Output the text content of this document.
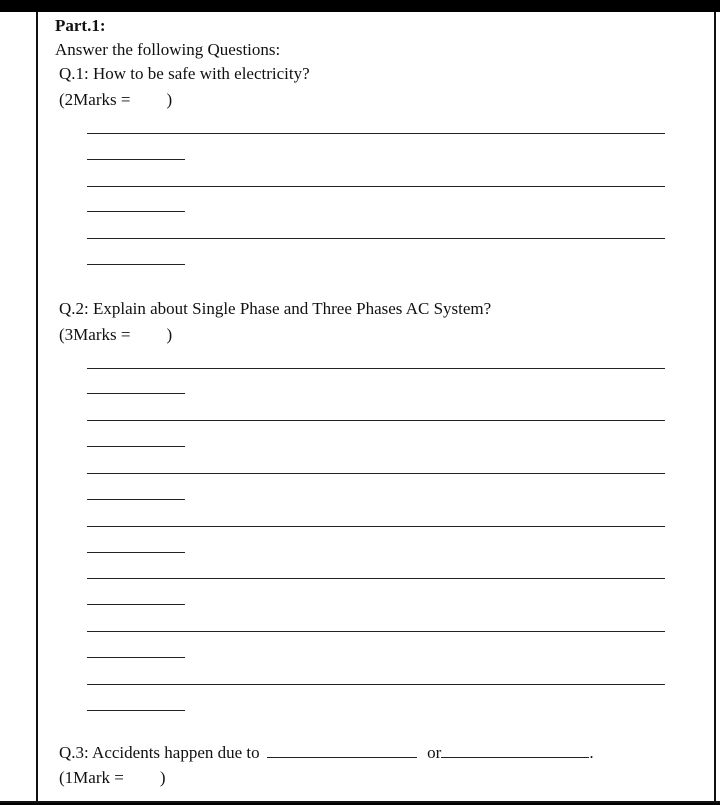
Part.1:
Answer the following Questions:
Q.1: How to be safe with electricity?
(2Marks = )
Q.2: Explain about Single Phase and Three Phases AC System?
(3Marks = )
Q.3: Accidents happen due to	or	.
(1Mark = )
